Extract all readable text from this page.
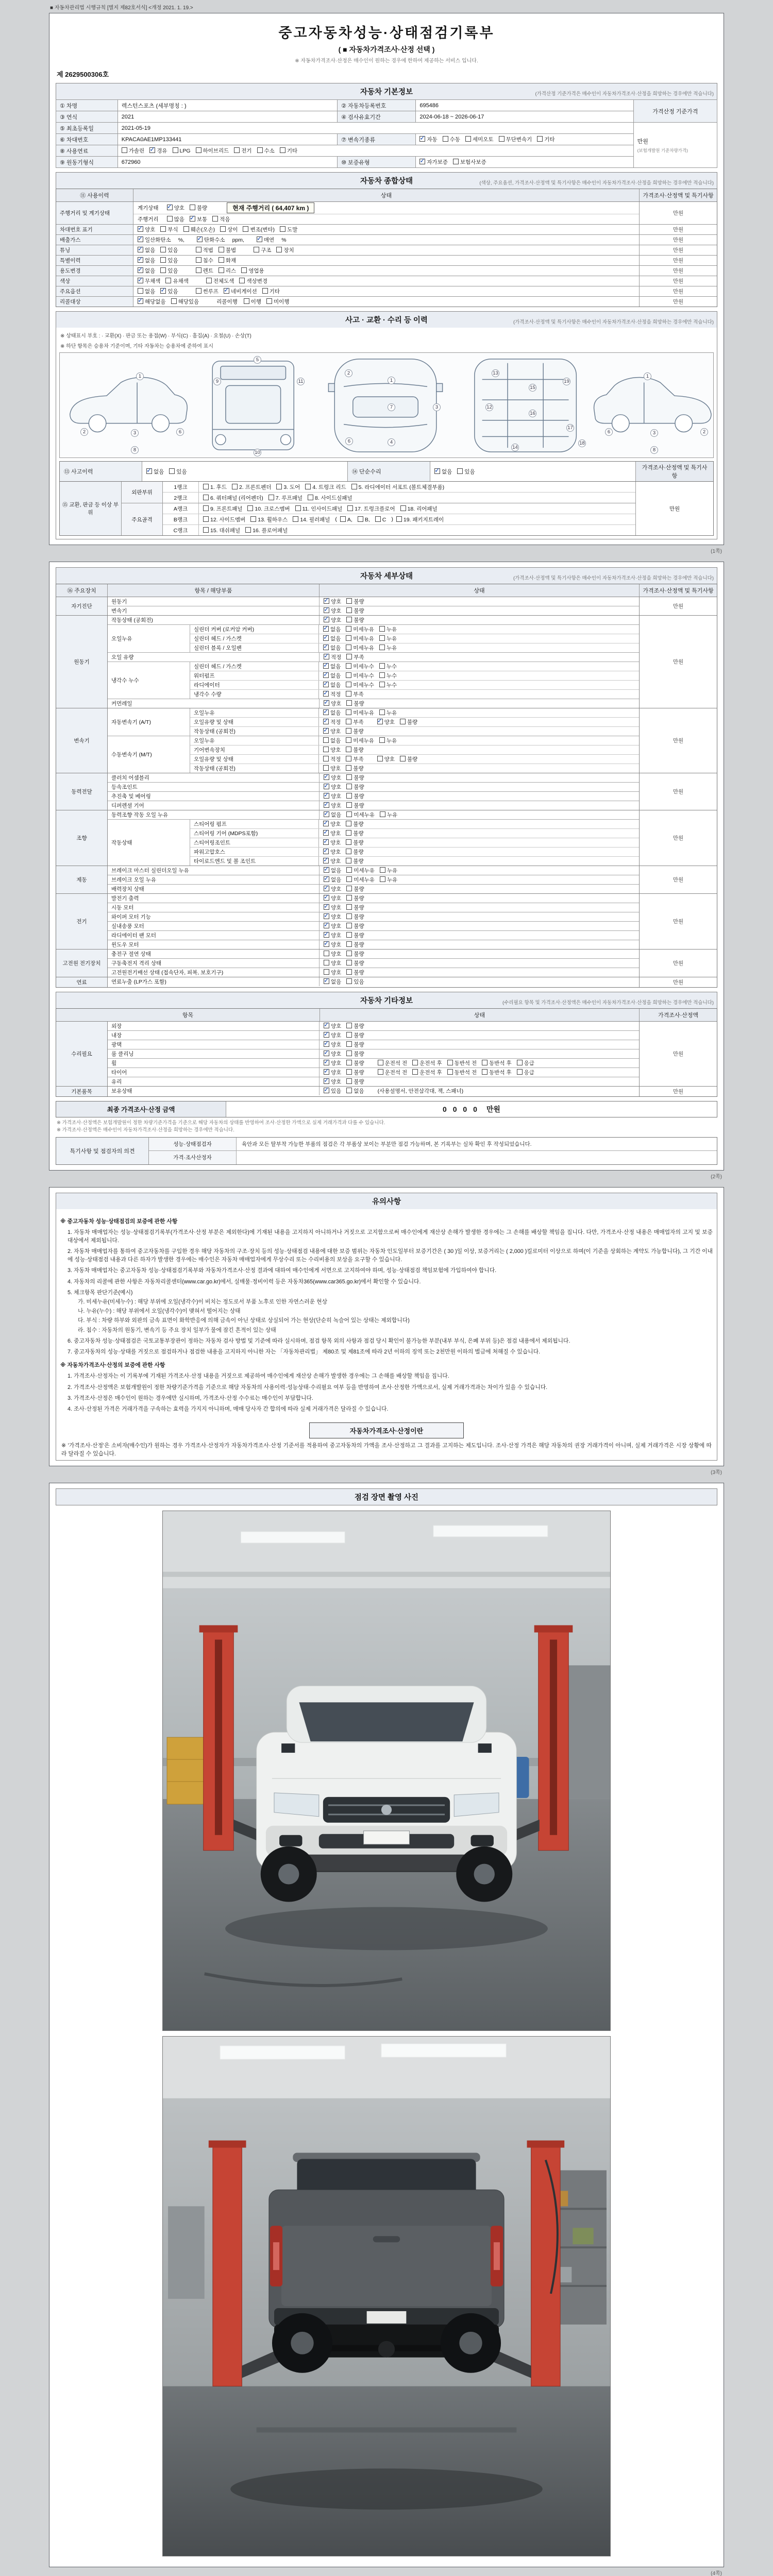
■ 자동차관리법 시행규칙 [별지 제82호서식] <개정 2021. 1. 19.>
중고자동차성능·상태점검기록부
( ■ 자동차가격조사·산정 선택 )
※ 자동차가격조사·산정은 매수인이 원하는 경우에 한하여 제공하는 서비스 입니다.
제 2629500306호
자동차 기본정보	(가격산정 기준가격은 매수인이 자동차가격조사·산정을 희망하는 경우에만 적습니다)
① 차명	렉스턴스포츠 (세부명칭 : )	② 자동차등록번호	695486	가격산정 기준가격
③ 연식	2021	④ 검사유효기간	2024-06-18 ~ 2026-06-17	
⑤ 최초등록일	2021-05-19			만원
(보험개발원 기준차량가격)

⑥ 차대번호	KPACA0AE1MP133441	⑦ 변속기종류	✓자동 수동 세미오토 무단변속기 기타
⑧ 사용연료	가솔린 ✓ 경유 LPG 하이브리드 전기 수소 기타
⑨ 원동기형식	672960	⑩ 보증유형	✓자가보증 보험사보증
자동차 종합상태	(색상, 주요옵션, 가격조사·산정액 및 특기사항은 매수인이 자동차가격조사·산정을 희망하는 경우에만 적습니다)
⑪ 사용이력	상태	가격조사·산정액 및 특기사항
주행거리 및 계기상태
계기상태 ✓	양호	불량	현재 주행거리 ( 64,407 km )
주행거리	많음 ✓	보통	적음
만원
차대번호 표기 ✓	양호	부식	훼손(오손)	상이	변조(변타)	도말	만원
배출가스 ✓	일산화탄소 %, ✓	탄화수소 ppm, ✓	매연 %	만원
튜닝 ✓	없음	있음	적법	불법	구조	장치	만원
특별이력 ✓	없음	있음	침수	화재	만원
용도변경 ✓	없음	있음	렌트	리스	영업용	만원
색상 ✓	무채색	유채색	전체도색	색상변경	만원
주요옵션	없음 ✓	있음	썬루프 ✓	네비게이션	기타	만원
리콜대상 ✓	해당없음	해당있음	리콜이행	이행	미이행	만원
사고 · 교환 · 수리 등 이력	(가격조사·산정액 및 특기사항은 매수인이 자동차가격조사·산정을 희망하는 경우에만 적습니다)
※ 상태표시 부호 : ∙ 교환(X) ∙ 판금 또는 용접(W) ∙ 부식(C) ∙ 흠집(A) ∙ 요철(U) ∙ 손상(T)
※ 하단 항목은 승용차 기준이며, 기타 자동차는 승용차에 준하여 표시
2
1
3
8
6
5
9	11
10
2
1
7
4
6
3
13
12
15
16
19
17
18
14
6	3
8
1
2
⑬ 사고이력 ✓	없음	있음	⑭ 단순수리 ✓	없음	있음
가격조사·산정액 및 특기사항
⑮ 교환, 판금 등 이상 부위
외판부위
1랭크	1. 후드	2. 프론트펜더	3. 도어	4. 트렁크 리드	5. 라디에이터 서포트 (볼트체결부품)
2랭크	6. 쿼터패널 (리어펜더)	7. 루프패널	8. 사이드실패널
주요골격
A랭크	9. 프론트패널	10. 크로스멤버	11. 인사이드패널	17. 트렁크플로어	18. 리어패널
B랭크	12. 사이드멤버	13. 휠하우스	14. 필러패널 (	A,	B,	C )	19. 패키지트레이
C랭크	15. 대쉬패널	16. 플로어패널
만원
(1쪽)
자동차 세부상태	(가격조사·산정액 및 특기사항은 매수인이 자동차가격조사·산정을 희망하는 경우에만 적습니다)
⑯ 주요장치	항목 / 해당부품	상태	가격조사·산정액 및 특기사항
자기진단
원동기 ✓	양호	불량
변속기 ✓	양호	불량
만원
원동기
작동상태 (공회전) ✓	양호	불량
오일누유
실린더 커버 (로커암 커버) ✓	없음	미세누유	누유
실린더 헤드 / 가스켓 ✓	없음	미세누유	누유
실린더 블록 / 오일팬 ✓	없음	미세누유	누유
오일 유량 ✓	적정	부족
냉각수 누수
실린더 헤드 / 가스켓 ✓	없음	미세누수	누수
워터펌프 ✓	없음	미세누수	누수
라디에이터 ✓	없음	미세누수	누수
냉각수 수량 ✓	적정	부족
커먼레일 ✓	양호	불량
만원
변속기
자동변속기 (A/T)
오일누유 ✓	없음	미세누유	누유
오일유량 및 상태 ✓	적정	부족 ✓	양호	불량
작동상태 (공회전) ✓	양호	불량
수동변속기 (M/T)
오일누유	없음	미세누유	누유
기어변속장치	양호	불량
오일유량 및 상태	적정	부족	양호	불량
작동상태 (공회전)	양호	불량
만원
동력전달
클러치 어셈블리 ✓	양호	불량
등속조인트 ✓	양호	불량
추진축 및 베어링 ✓	양호	불량
디퍼렌셜 기어 ✓	양호	불량
만원
조향
동력조향 작동 오일 누유 ✓	없음	미세누유	누유
작동상태
스티어링 펌프 ✓	양호	불량
스티어링 기어 (MDPS포함) ✓	양호	불량
스티어링조인트 ✓	양호	불량
파워고압호스 ✓	양호	불량
타이로드엔드 및 볼 조인트 ✓	양호	불량
만원
제동
브레이크 마스터 실린더오일 누유 ✓	없음	미세누유	누유
브레이크 오일 누유 ✓	없음	미세누유	누유
배력장치 상태 ✓	양호	불량
만원
전기
발전기 출력 ✓	양호	불량
시동 모터 ✓	양호	불량
와이퍼 모터 기능 ✓	양호	불량
실내송풍 모터 ✓	양호	불량
라디에이터 팬 모터 ✓	양호	불량
윈도우 모터 ✓	양호	불량
만원
고전원 전기장치
충전구 절연 상태	양호	불량
구동축전지 격리 상태	양호	불량
고전원전기배선 상태 (접속단자, 피복, 보호기구)	양호	불량
만원
연료	연료누출 (LP가스 포함) ✓	없음	있음	만원
자동차 기타정보	(수리필요 항목 및 가격조사·산정액은 매수인이 자동차가격조사·산정을 희망하는 경우에만 적습니다)
항목	상태	가격조사·산정액
수리필요
외장 ✓	양호	불량
내장 ✓	양호	불량
광택 ✓	양호	불량
룸 클리닝 ✓	양호	불량
휠 ✓	양호	불량	운전석 전	운전석 후	동반석 전	동반석 후	응급
타이어 ✓	양호	불량	운전석 전	운전석 후	동반석 전	동반석 후	응급
유리 ✓	양호	불량
만원
기본품목	보유상태 ✓	있음	없음 (사용설명서, 안전삼각대, 잭, 스패너)	만원
최종 가격조사·산정 금액	0 0 0 0 만원
※ 가격조사·산정액은 보험개발원이 정한 차량기준가격을 기준으로 해당 자동차의 상태를 반영하여 조사·산정한 가액으로 실제 거래가격과 다를 수 있습니다.
※ 가격조사·산정액은 매수인이 자동차가격조사·산정을 희망하는 경우에만 적습니다.
특기사항 및 점검자의 의견
성능·상태점검자	육안과 모든 탈부착 가능한 부품의 점검은 각 부품상 보이는 부분만 점검 가능하며, 본 기록부는 실차 확인 후 작성되었습니다.
가격·조사산정자
(2쪽)
유의사항
※ 중고자동차 성능·상태점검의 보증에 관한 사항
1. 자동차 매매업자는 성능·상태점검기록부(가격조사·산정 부분은 제외한다)에 기재된 내용을 고지하지 아니하거나 거짓으로 고지함으로써 매수인에게 재산상 손해가 발생한 경우에는 그 손해를 배상할 책임을 집니다. 다만, 가격조사·산정 내용은 매매업자의 고지 및 보증 대상에서 제외됩니다.
2. 자동차 매매업자를 통하여 중고자동차를 구입한 경우 해당 자동차의 구조·장치 등의 성능·상태점검 내용에 대한 보증 범위는 자동차 인도일부터 보증기간은 ( 30 )일 이상, 보증거리는 ( 2,000 )킬로미터 이상으로 하며(이 기준을 상회하는 계약도 가능합니다), 그 기간 이내에 성능·상태점검 내용과 다른 하자가 발생한 경우에는 매수인은 자동차 매매업자에게 무상수리 또는 수리비용의 보상을 요구할 수 있습니다.
3. 자동차 매매업자는 중고자동차 성능·상태점검기록부와 자동차가격조사·산정 결과에 대하여 매수인에게 서면으로 고지하여야 하며, 성능·상태점검 책임보험에 가입하여야 합니다.
4. 자동차의 리콜에 관한 사항은 자동차리콜센터(www.car.go.kr)에서, 실매물·정비이력 등은 자동차365(www.car365.go.kr)에서 확인할 수 있습니다.
5. 체크항목 판단기준(예시)
가. 미세누유(미세누수) : 해당 부위에 오일(냉각수)이 비치는 정도로서 부품 노후로 인한 자연스러운 현상
나. 누유(누수) : 해당 부위에서 오일(냉각수)이 맺혀서 떨어지는 상태
다. 부식 : 차량 하부와 외판의 금속 표면이 화학반응에 의해 금속이 아닌 상태로 상실되어 가는 현상(단순히 녹슬어 있는 상태는 제외합니다)
라. 침수 : 자동차의 원동기, 변속기 등 주요 장치 일부가 물에 잠긴 흔적이 있는 상태
6. 중고자동차 성능·상태점검은 국토교통부장관이 정하는 자동차 검사 방법 및 기준에 따라 실시하며, 점검 항목 외의 사항과 점검 당시 확인이 불가능한 부분(내부 부식, 은폐 부위 등)은 점검 내용에서 제외됩니다.
7. 중고자동차의 성능·상태를 거짓으로 점검하거나 점검한 내용을 고지하지 아니한 자는 「자동차관리법」 제80조 및 제81조에 따라 2년 이하의 징역 또는 2천만원 이하의 벌금에 처해질 수 있습니다.
※ 자동차가격조사·산정의 보증에 관한 사항
1. 가격조사·산정자는 이 기록부에 기재된 가격조사·산정 내용을 거짓으로 제공하여 매수인에게 재산상 손해가 발생한 경우에는 그 손해를 배상할 책임을 집니다.
2. 가격조사·산정액은 보험개발원이 정한 차량기준가격을 기준으로 해당 자동차의 사용이력·성능상태·수리필요 여부 등을 반영하여 조사·산정한 가액으로서, 실제 거래가격과는 차이가 있을 수 있습니다.
3. 가격조사·산정은 매수인이 원하는 경우에만 실시하며, 가격조사·산정 수수료는 매수인이 부담합니다.
4. 조사·산정된 가격은 거래가격을 구속하는 효력을 가지지 아니하며, 매매 당사자 간 합의에 따라 실제 거래가격은 달라질 수 있습니다.
자동차가격조사·산정이란
※ '가격조사·산정'은 소비자(매수인)가 원하는 경우 가격조사·산정자가 자동차가격조사·산정 기준서를 적용하여 중고자동차의 가액을 조사·산정하고 그 결과를 고지하는 제도입니다. 조사·산정 가격은 해당 자동차의 권장 거래가격이 아니며, 실제 거래가격은 시장 상황에 따라 달라질 수 있습니다.
(3쪽)
점검 장면 촬영 사진
(4쪽)
